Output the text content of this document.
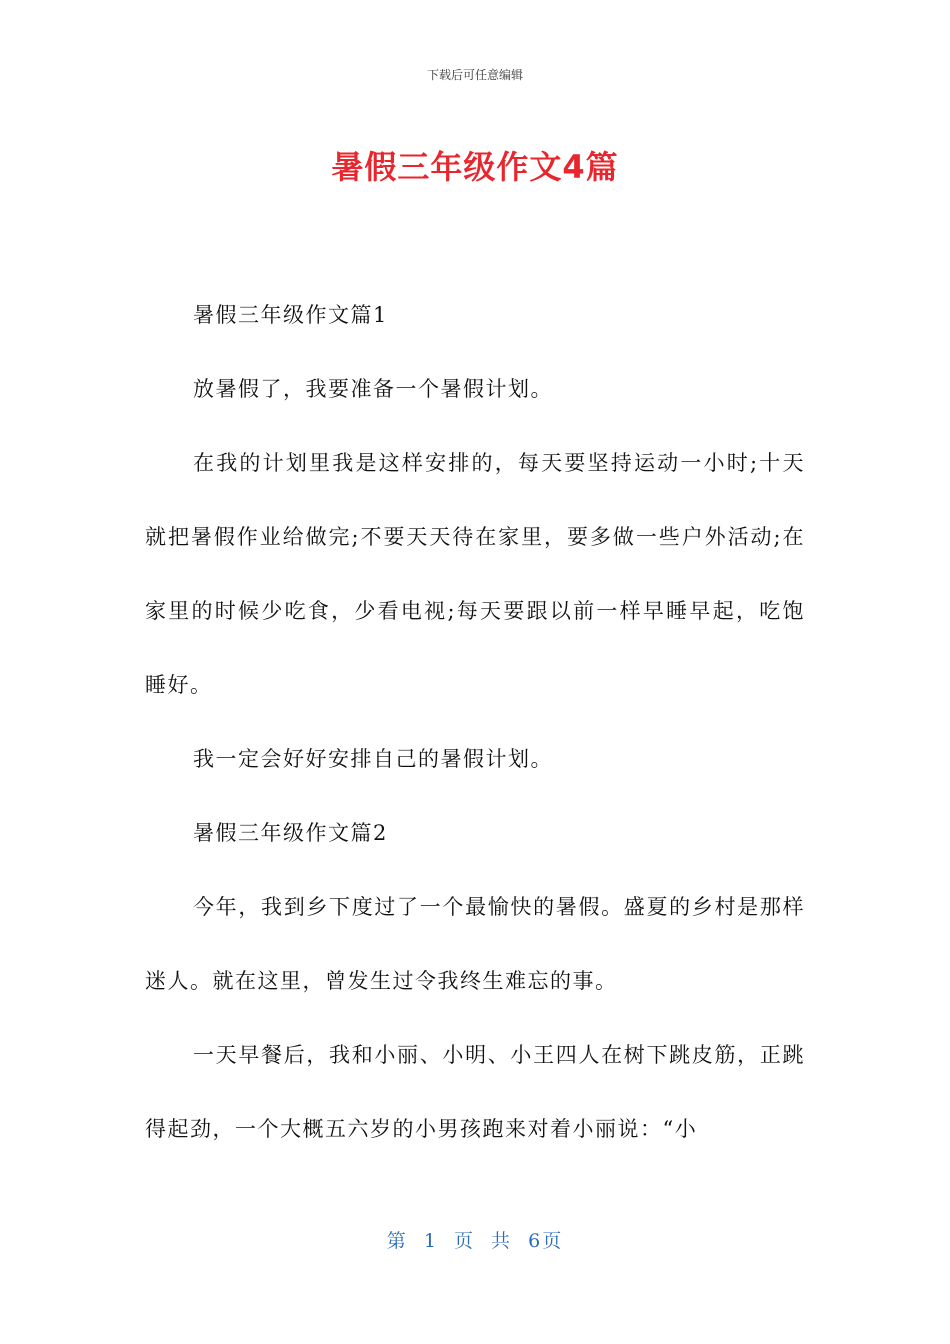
下载后可任意编辑
暑假三年级作文4篇

暑假三年级作文篇1

放暑假了，我要准备一个暑假计划。

在我的计划里我是这样安排的，每天要坚持运动一小时;十天就把暑假作业给做完;不要天天待在家里，要多做一些户外活动;在家里的时候少吃食，少看电视;每天要跟以前一样早睡早起，吃饱睡好。

我一定会好好安排自己的暑假计划。

暑假三年级作文篇2

今年，我到乡下度过了一个最愉快的暑假。盛夏的乡村是那样迷人。就在这里，曾发生过令我终生难忘的事。

一天早餐后，我和小丽、小明、小王四人在树下跳皮筋，正跳得起劲，一个大概五六岁的小男孩跑来对着小丽说：“小

第 1 页 共 6页
